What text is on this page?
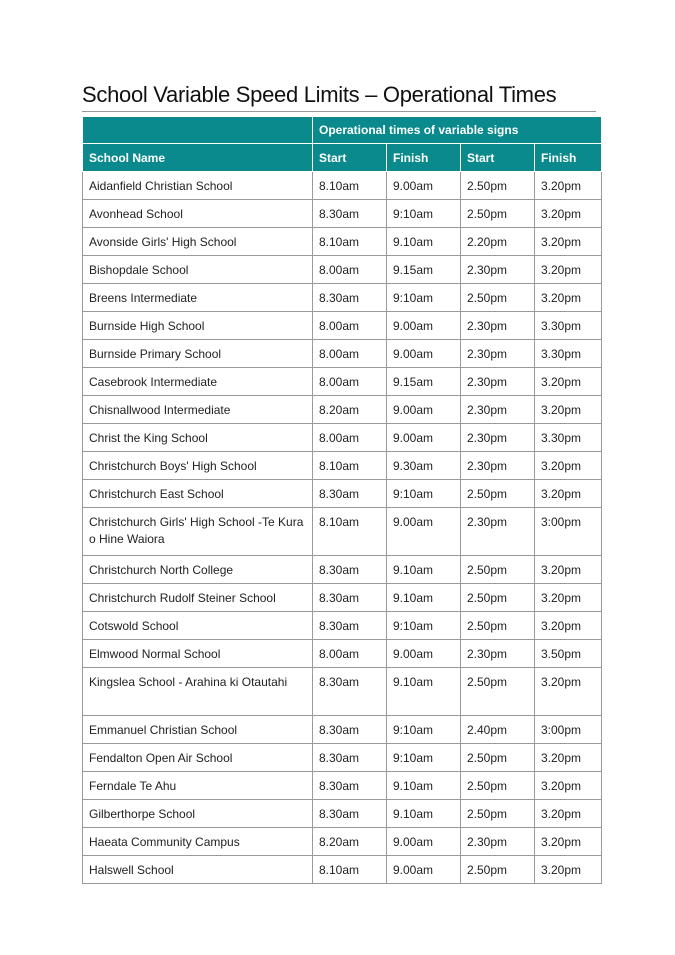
School Variable Speed Limits – Operational Times
	Operational times of variable signs			
School Name	Start	Finish	Start	Finish
Aidanfield Christian School	8.10am	9.00am	2.50pm	3.20pm
Avonhead School	8.30am	9:10am	2.50pm	3.20pm
Avonside Girls' High School	8.10am	9.10am	2.20pm	3.20pm
Bishopdale School	8.00am	9.15am	2.30pm	3.20pm
Breens Intermediate	8.30am	9:10am	2.50pm	3.20pm
Burnside High School	8.00am	9.00am	2.30pm	3.30pm
Burnside Primary School	8.00am	9.00am	2.30pm	3.30pm
Casebrook Intermediate	8.00am	9.15am	2.30pm	3.20pm
Chisnallwood Intermediate	8.20am	9.00am	2.30pm	3.20pm
Christ the King School	8.00am	9.00am	2.30pm	3.30pm
Christchurch Boys' High School	8.10am	9.30am	2.30pm	3.20pm
Christchurch East School	8.30am	9:10am	2.50pm	3.20pm
Christchurch Girls' High School -Te Kura o Hine Waiora	8.10am	9.00am	2.30pm	3:00pm
Christchurch North College	8.30am	9.10am	2.50pm	3.20pm
Christchurch Rudolf Steiner School	8.30am	9.10am	2.50pm	3.20pm
Cotswold School	8.30am	9:10am	2.50pm	3.20pm
Elmwood Normal School	8.00am	9.00am	2.30pm	3.50pm
Kingslea School - Arahina ki Otautahi	8.30am	9.10am	2.50pm	3.20pm
Emmanuel Christian School	8.30am	9:10am	2.40pm	3:00pm
Fendalton Open Air School	8.30am	9:10am	2.50pm	3.20pm
Ferndale Te Ahu	8.30am	9.10am	2.50pm	3.20pm
Gilberthorpe School	8.30am	9.10am	2.50pm	3.20pm
Haeata Community Campus	8.20am	9.00am	2.30pm	3.20pm
Halswell School	8.10am	9.00am	2.50pm	3.20pm
